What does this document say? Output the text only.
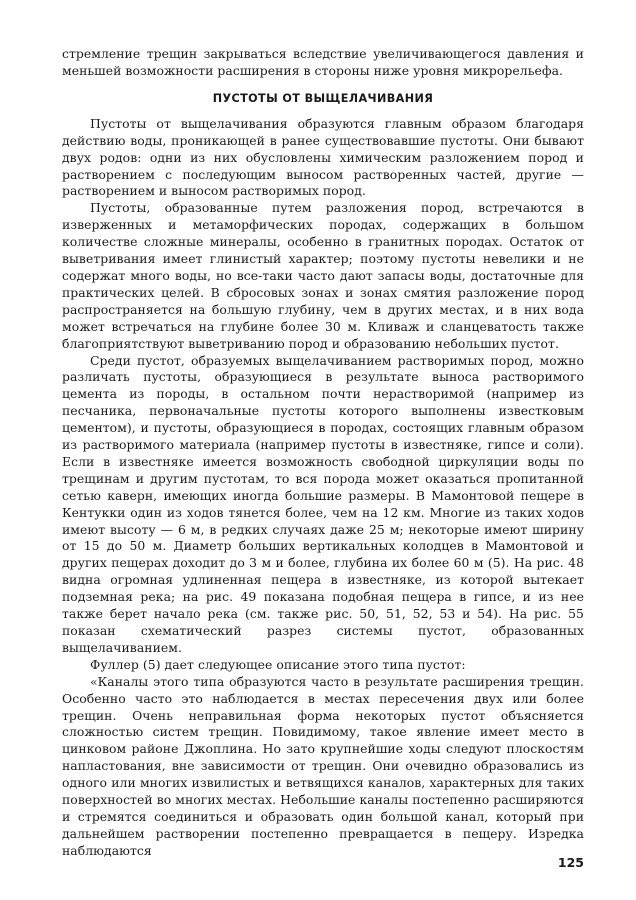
стремление трещин закрываться вследствие увеличивающегося давления и меньшей возможности расширения в стороны ниже уровня микрорельефа.

ПУСТОТЫ ОТ ВЫЩЕЛАЧИВАНИЯ

Пустоты от выщелачивания образуются главным образом благодаря действию воды, проникающей в ранее существовавшие пустоты. Они бывают двух родов: одни из них обусловлены химическим разложением пород и растворением с последующим выносом растворенных частей, другие — растворением и выносом растворимых пород.

Пустоты, образованные путем разложения пород, встречаются в изверженных и метаморфических породах, содержащих в большом количестве сложные минералы, особенно в гранитных породах. Остаток от выветривания имеет глинистый характер; поэтому пустоты невелики и не содержат много воды, но все-таки часто дают запасы воды, достаточные для практических целей. В сбросовых зонах и зонах смятия разложение пород распространяется на большую глубину, чем в других местах, и в них вода может встречаться на глубине более 30 м. Кливаж и сланцеватость также благоприятствуют выветриванию пород и образованию небольших пустот.

Среди пустот, образуемых выщелачиванием растворимых пород, можно различать пустоты, образующиеся в результате выноса растворимого цемента из породы, в остальном почти нерастворимой (например из песчаника, первоначальные пустоты которого выполнены известковым цементом), и пустоты, образующиеся в породах, состоящих главным образом из растворимого материала (например пустоты в известняке, гипсе и соли). Если в известняке имеется возможность свободной циркуляции воды по трещинам и другим пустотам, то вся порода может оказаться пропитанной сетью каверн, имеющих иногда большие размеры. В Мамонтовой пещере в Кентукки один из ходов тянется более, чем на 12 км. Многие из таких ходов имеют высоту — 6 м, в редких случаях даже 25 м; некоторые имеют ширину от 15 до 50 м. Диаметр больших вертикальных колодцев в Мамонтовой и других пещерах доходит до 3 м и более, глубина их более 60 м (5). На рис. 48 видна огромная удлиненная пещера в известняке, из которой вытекает подземная река; на рис. 49 показана подобная пещера в гипсе, и из нее также берет начало река (см. также рис. 50, 51, 52, 53 и 54). На рис. 55 показан схематический разрез системы пустот, образованных выщелачиванием.

Фуллер (5) дает следующее описание этого типа пустот:

«Каналы этого типа образуются часто в результате расширения трещин. Особенно часто это наблюдается в местах пересечения двух или более трещин. Очень неправильная форма некоторых пустот объясняется сложностью систем трещин. Повидимому, такое явление имеет место в цинковом районе Джоплина. Но зато крупнейшие ходы следуют плоскостям напластования, вне зависимости от трещин. Они очевидно образовались из одного или многих извилистых и ветвящихся каналов, характерных для таких поверхностей во многих местах. Небольшие каналы постепенно расширяются и стремятся соединиться и образовать один большой канал, который при дальнейшем растворении постепенно превращается в пещеру. Изредка наблюдаются

125
